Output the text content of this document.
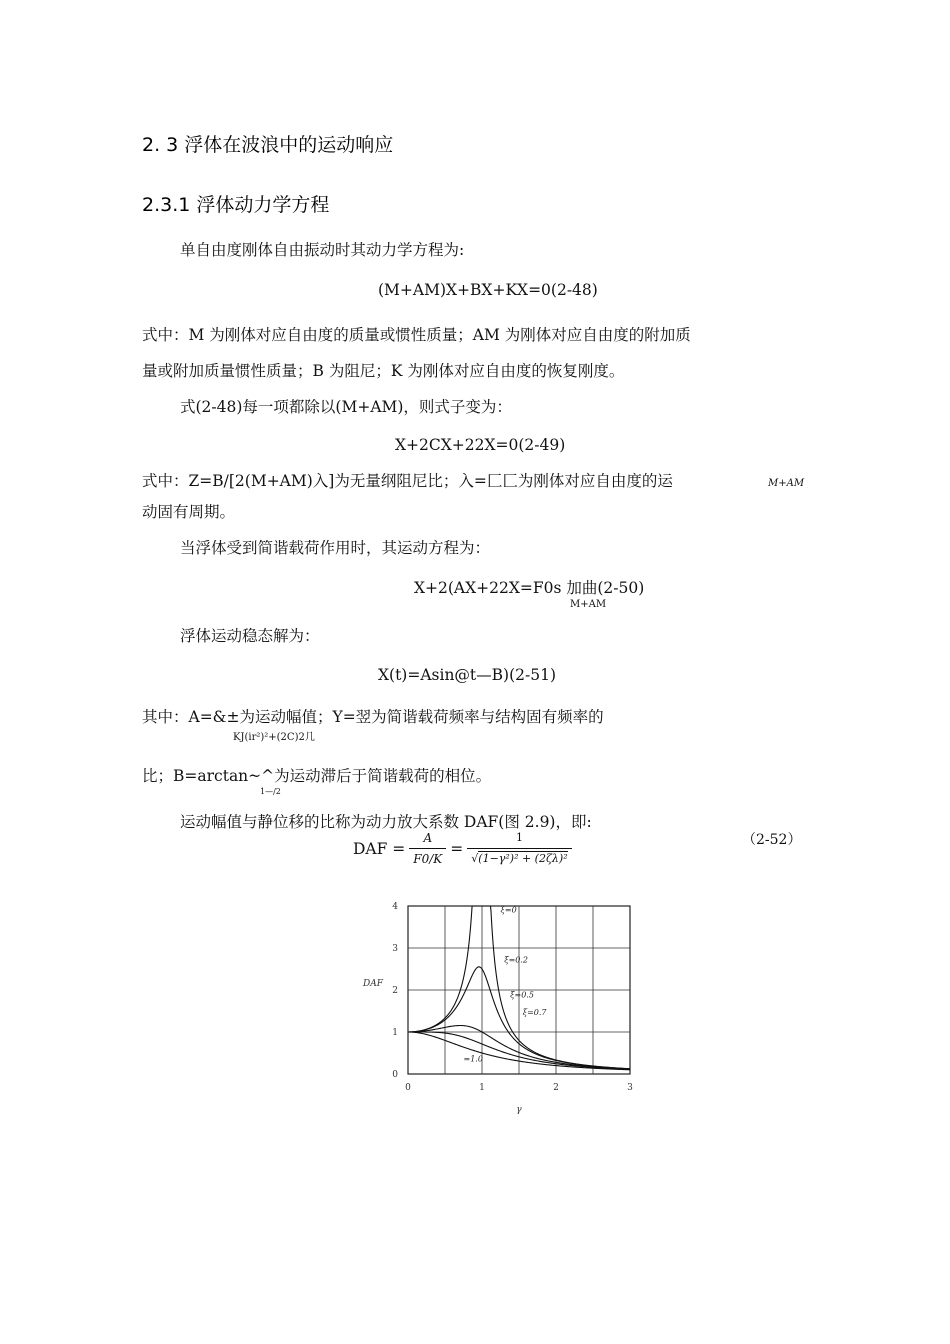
2. 3 浮体在波浪中的运动响应
2.3.1 浮体动力学方程
单自由度刚体自由振动时其动力学方程为:
(M+AM)X+BX+KX=0(2-48)
式中：M 为刚体对应自由度的质量或惯性质量；AM 为刚体对应自由度的附加质
量或附加质量惯性质量；B 为阻尼；K 为刚体对应自由度的恢复刚度。
式(2-48)每一项都除以(M+AM)，则式子变为：
X+2CX+22X=0(2-49)
式中：Z=B/[2(M+AM)入]为无量纲阻尼比；入=匚匚为刚体对应自由度的运	M+AM
动固有周期。
当浮体受到简谐载荷作用时，其运动方程为：
X+2(AX+22X=F0s 加曲(2-50)
M+AM
浮体运动稳态解为：
X(t)=Asin@t—B)(2-51)
其中：A=&±为运动幅值；Y=翌为简谐载荷频率与结构固有频率的
KJ(ir²)²+(2C)2几
比；B=arctan~^为运动滞后于简谐载荷的相位。
1—/2
运动幅值与静位移的比称为动力放大系数 DAF(图 2.9)，即:
DAF = $\frac{A}{F0/K} = \frac{1}{\text{√(1−γ²)² + (2ζλ)²}}$	（2-52）
0	1	2	3
0
1
2
3
4
γ
DAF
ξ=0
ξ=0.2
ξ=0.5
ξ=0.7
=1.0
